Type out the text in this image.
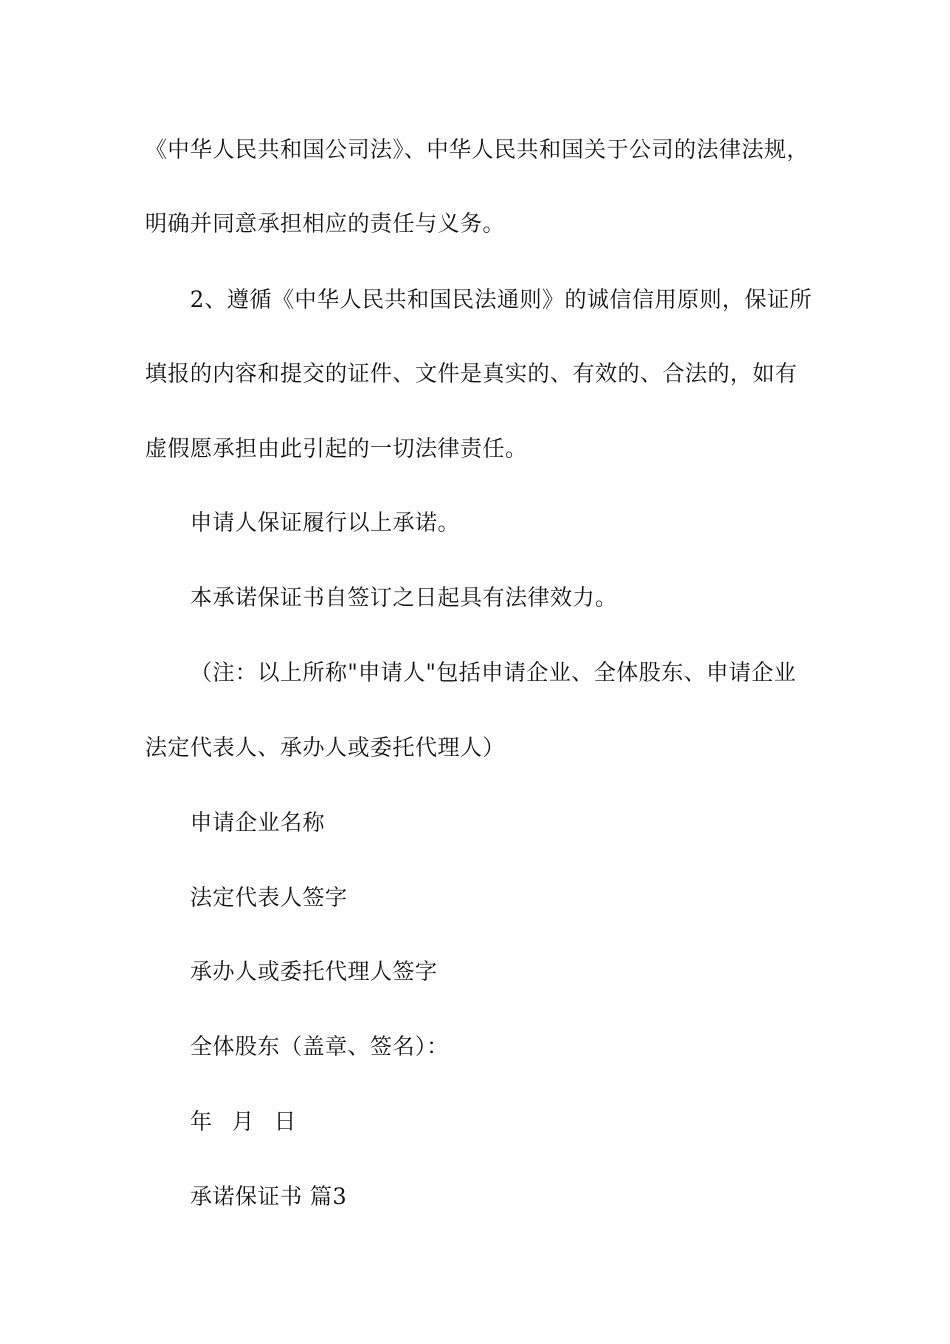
《中华人民共和国公司法》、中华人民共和国关于公司的法律法规，
明确并同意承担相应的责任与义务。
2、遵循《中华人民共和国民法通则》的诚信信用原则，保证所
填报的内容和提交的证件、文件是真实的、有效的、合法的，如有
虚假愿承担由此引起的一切法律责任。
申请人保证履行以上承诺。
本承诺保证书自签订之日起具有法律效力。
（注：以上所称"申请人"包括申请企业、全体股东、申请企业
法定代表人、承办人或委托代理人）
申请企业名称
法定代表人签字
承办人或委托代理人签字
全体股东（盖章、签名）：
年 月 日
承诺保证书 篇3
